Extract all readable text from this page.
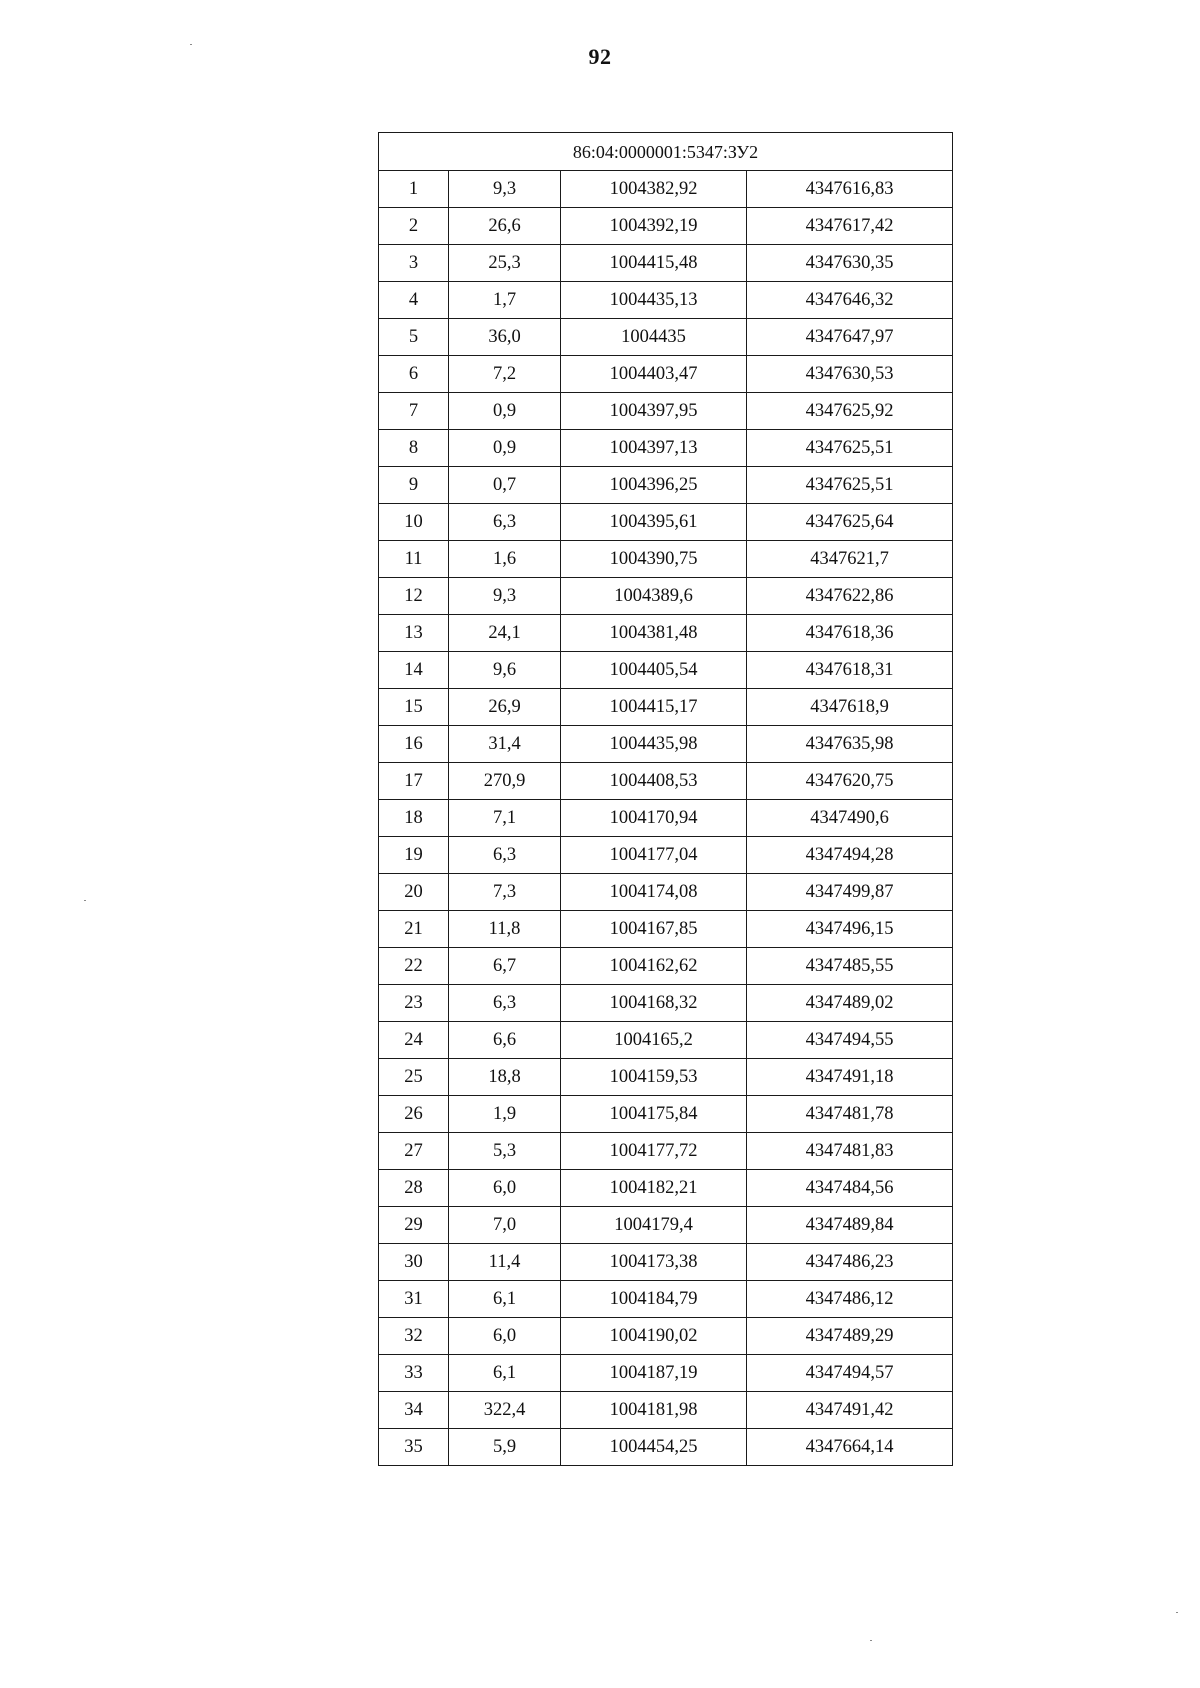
92
86:04:0000001:5347:ЗУ2			
1	9,3	1004382,92	4347616,83
2	26,6	1004392,19	4347617,42
3	25,3	1004415,48	4347630,35
4	1,7	1004435,13	4347646,32
5	36,0	1004435	4347647,97
6	7,2	1004403,47	4347630,53
7	0,9	1004397,95	4347625,92
8	0,9	1004397,13	4347625,51
9	0,7	1004396,25	4347625,51
10	6,3	1004395,61	4347625,64
11	1,6	1004390,75	4347621,7
12	9,3	1004389,6	4347622,86
13	24,1	1004381,48	4347618,36
14	9,6	1004405,54	4347618,31
15	26,9	1004415,17	4347618,9
16	31,4	1004435,98	4347635,98
17	270,9	1004408,53	4347620,75
18	7,1	1004170,94	4347490,6
19	6,3	1004177,04	4347494,28
20	7,3	1004174,08	4347499,87
21	11,8	1004167,85	4347496,15
22	6,7	1004162,62	4347485,55
23	6,3	1004168,32	4347489,02
24	6,6	1004165,2	4347494,55
25	18,8	1004159,53	4347491,18
26	1,9	1004175,84	4347481,78
27	5,3	1004177,72	4347481,83
28	6,0	1004182,21	4347484,56
29	7,0	1004179,4	4347489,84
30	11,4	1004173,38	4347486,23
31	6,1	1004184,79	4347486,12
32	6,0	1004190,02	4347489,29
33	6,1	1004187,19	4347494,57
34	322,4	1004181,98	4347491,42
35	5,9	1004454,25	4347664,14
